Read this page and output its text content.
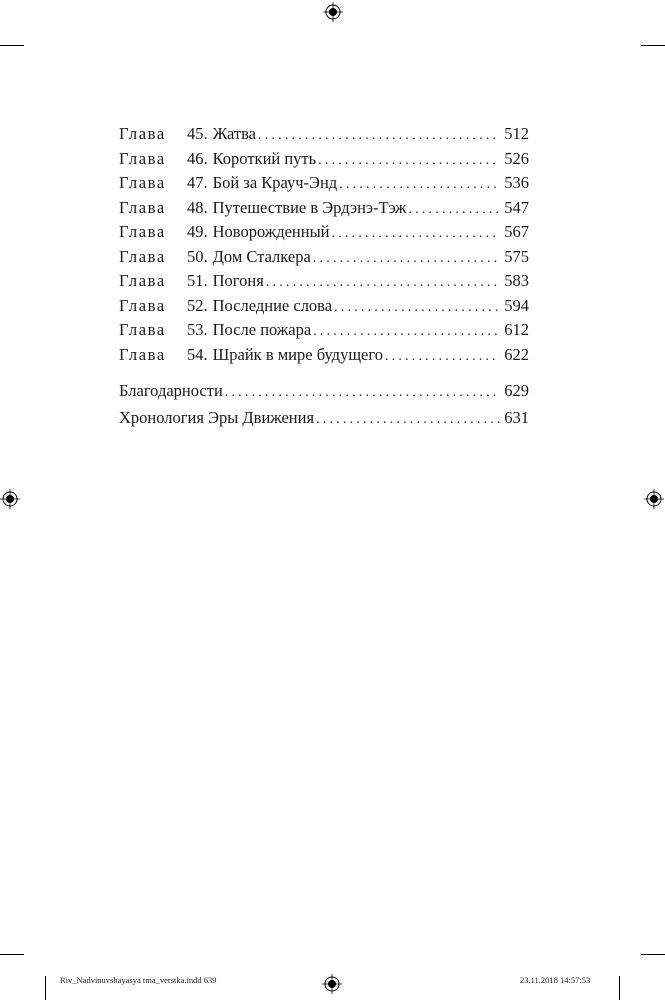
Глава	45. Жатва .....	512
Глава	46. Короткий путь .....	526
Глава	47. Бой за Крауч-Энд .....	536
Глава	48. Путешествие в Эрдэнэ-Тэж .....	547
Глава	49. Новорожденный .....	567
Глава	50. Дом Сталкера .....	575
Глава	51. Погоня .....	583
Глава	52. Последние слова .....	594
Глава	53. После пожара .....	612
Глава	54. Шрайк в мире будущего .....	622
Благодарности .....	629
Хронология Эры Движения .....	631
Riv_Nadvinuvshayasya tma_verstka.indd 639	23.11.2018 14:57:53
